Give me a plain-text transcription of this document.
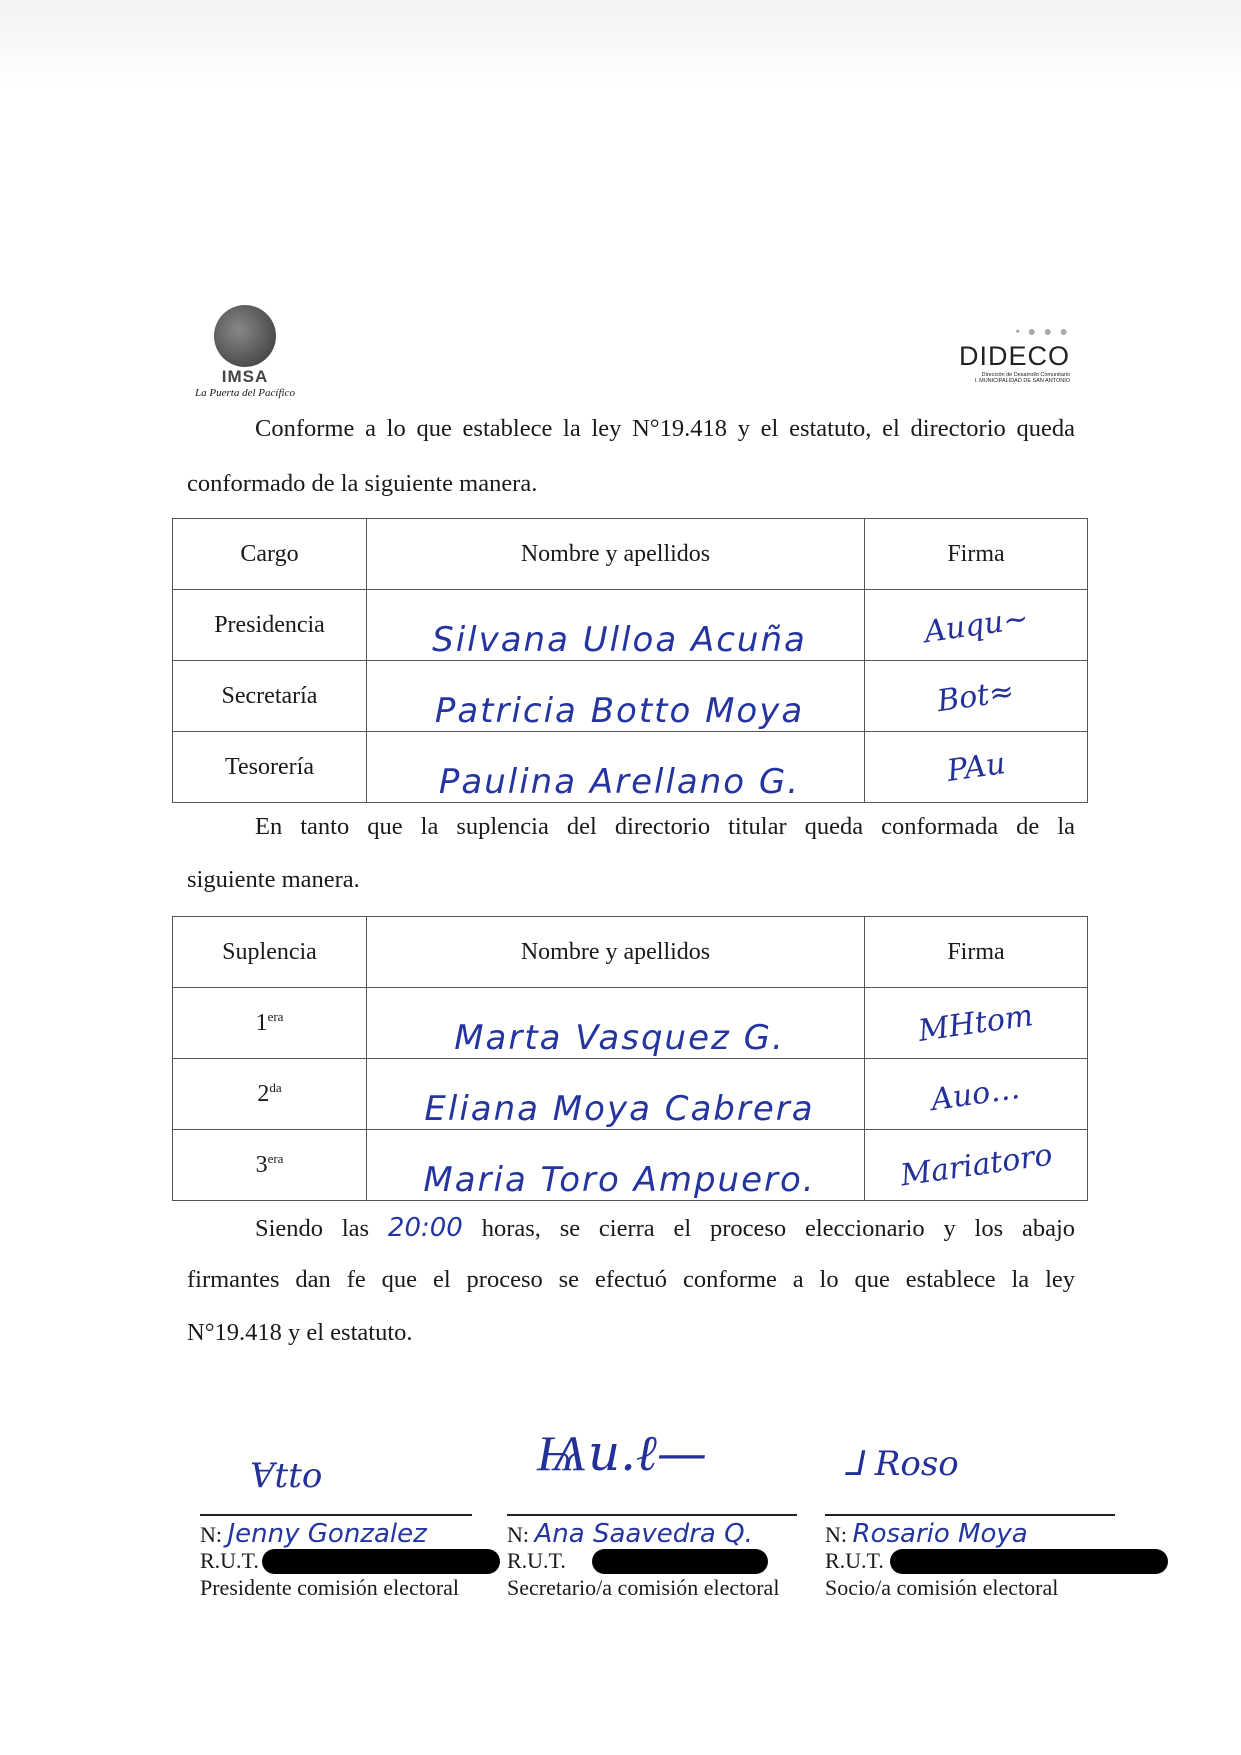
IMSA
La Puerta del Pacífico
• ● ● ●
DIDECO
Dirección de Desarrollo Comunitario
I. MUNICIPALIDAD DE SAN ANTONIO
Conforme a lo que establece la ley N°19.418 y el estatuto, el directorio queda
conformado de la siguiente manera.
Cargo	Nombre y apellidos	Firma
Presidencia	Silvana Ulloa Acuña	Auqu~
Secretaría	Patricia Botto Moya	Bot≈
Tesorería	Paulina Arellano G.	PAu
En tanto que la suplencia del directorio titular queda conformada de la
siguiente manera.
Suplencia	Nombre y apellidos	Firma
$1^{era}$	Marta Vasquez G.	MHtom
$2^{da}$	Eliana Moya Cabrera	Auo…
$3^{era}$	Maria Toro Ampuero.	Mariatoro
Siendo las 20:00 horas, se cierra el proceso eleccionario y los abajo
firmantes dan fe que el proceso se efectuó conforme a lo que establece la ley
N°19.418 y el estatuto.
Ɐtto
N: Jenny Gonzalez
R.U.T.
Presidente comisión electoral
Ѩu.ℓ—
N: Ana Saavedra Q.
R.U.T.
Secretario/a comisión electoral
⅃ Roso
N: Rosario Moya
R.U.T.
Socio/a comisión electoral
